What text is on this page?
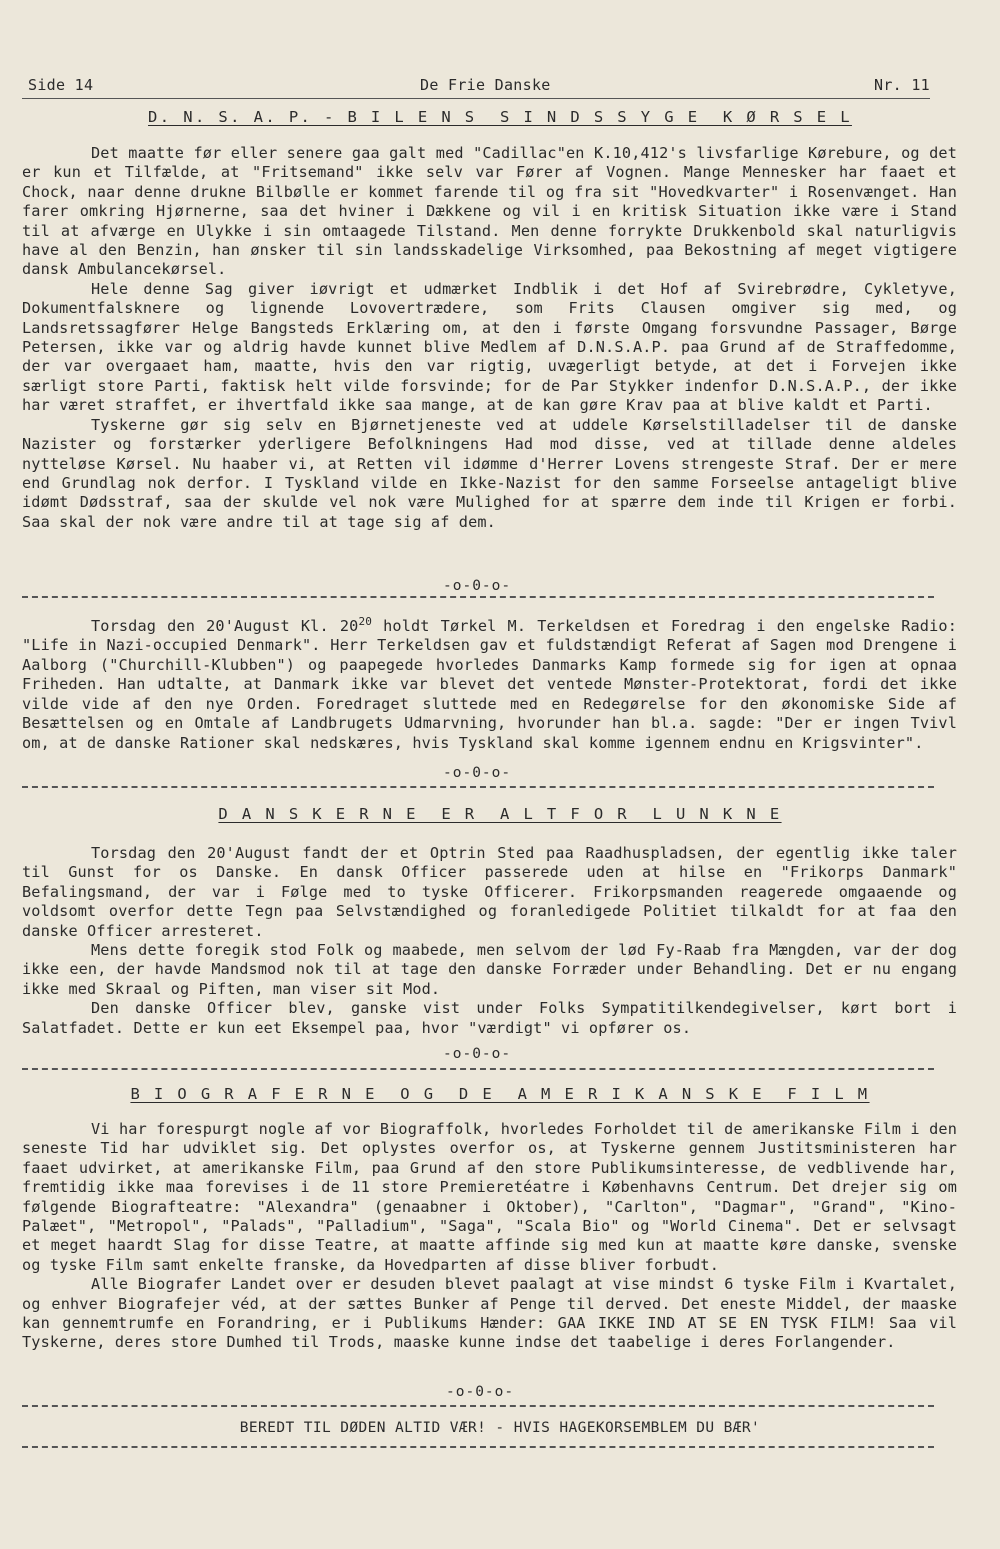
Side 14	De Frie Danske	Nr. 11
D. N. S. A. P. - B I L E N S  S I N D S S Y G E  K Ø R S E L

Det maatte før eller senere gaa galt med "Cadillac"en K.10,412's livsfarlige Kørebure, og det er kun et Tilfælde, at "Fritsemand" ikke selv var Fører af Vognen. Mange Mennesker har faaet et Chock, naar denne drukne Bilbølle er kommet farende til og fra sit "Hovedkvarter" i Rosenvænget. Han farer omkring Hjørnerne, saa det hviner i Dækkene og vil i en kritisk Situation ikke være i Stand til at afværge en Ulykke i sin omtaagede Tilstand. Men denne forrykte Drukkenbold skal naturligvis have al den Benzin, han ønsker til sin landsskadelige Virksomhed, paa Bekostning af meget vigtigere dansk Ambulancekørsel.

Hele denne Sag giver iøvrigt et udmærket Indblik i det Hof af Svirebrødre, Cykletyve, Dokumentfalsknere og lignende Lovovertrædere, som Frits Clausen omgiver sig med, og Landsretssagfører Helge Bangsteds Erklæring om, at den i første Omgang forsvundne Passager, Børge Petersen, ikke var og aldrig havde kunnet blive Medlem af D.N.S.A.P. paa Grund af de Straffedomme, der var overgaaet ham, maatte, hvis den var rigtig, uvægerligt betyde, at det i Forvejen ikke særligt store Parti, faktisk helt vilde forsvinde; for de Par Stykker indenfor D.N.S.A.P., der ikke har været straffet, er ihvertfald ikke saa mange, at de kan gøre Krav paa at blive kaldt et Parti.

Tyskerne gør sig selv en Bjørnetjeneste ved at uddele Kørselstilladelser til de danske Nazister og forstærker yderligere Befolkningens Had mod disse, ved at tillade denne aldeles nytteløse Kørsel. Nu haaber vi, at Retten vil idømme d'Herrer Lovens strengeste Straf. Der er mere end Grundlag nok derfor. I Tyskland vilde en Ikke-Nazist for den samme Forseelse antageligt blive idømt Dødsstraf, saa der skulde vel nok være Mulighed for at spærre dem inde til Krigen er forbi. Saa skal der nok være andre til at tage sig af dem.

-o-0-o-

Torsdag den 20'August Kl. $20^{20}$ holdt Tørkel M. Terkeldsen et Foredrag i den engelske Radio: "Life in Nazi-occupied Denmark". Herr Terkeldsen gav et fuldstændigt Referat af Sagen mod Drengene i Aalborg ("Churchill-Klubben") og paapegede hvorledes Danmarks Kamp formede sig for igen at opnaa Friheden. Han udtalte, at Danmark ikke var blevet det ventede Mønster-Protektorat, fordi det ikke vilde vide af den nye Orden. Foredraget sluttede med en Redegørelse for den økonomiske Side af Besættelsen og en Omtale af Landbrugets Udmarvning, hvorunder han bl.a. sagde: "Der er ingen Tvivl om, at de danske Rationer skal nedskæres, hvis Tyskland skal komme igennem endnu en Krigsvinter".

-o-0-o-
D A N S K E R N E  E R  A L T F O R  L U N K N E

Torsdag den 20'August fandt der et Optrin Sted paa Raadhuspladsen, der egentlig ikke taler til Gunst for os Danske. En dansk Officer passerede uden at hilse en "Frikorps Danmark" Befalingsmand, der var i Følge med to tyske Officerer. Frikorpsmanden reagerede omgaaende og voldsomt overfor dette Tegn paa Selvstændighed og foranledigede Politiet tilkaldt for at faa den danske Officer arresteret.

Mens dette foregik stod Folk og maabede, men selvom der lød Fy-Raab fra Mængden, var der dog ikke een, der havde Mandsmod nok til at tage den danske Forræder under Behandling. Det er nu engang ikke med Skraal og Piften, man viser sit Mod.

Den danske Officer blev, ganske vist under Folks Sympatitilkendegivelser, kørt bort i Salatfadet. Dette er kun eet Eksempel paa, hvor "værdigt" vi opfører os.

-o-0-o-
B I O G R A F E R N E  O G  D E  A M E R I K A N S K E  F I L M

Vi har forespurgt nogle af vor Biograffolk, hvorledes Forholdet til de amerikanske Film i den seneste Tid har udviklet sig. Det oplystes overfor os, at Tyskerne gennem Justitsministeren har faaet udvirket, at amerikanske Film, paa Grund af den store Publikumsinteresse, de vedblivende har, fremtidig ikke maa forevises i de 11 store Premieretéatre i Københavns Centrum. Det drejer sig om følgende Biografteatre: "Alexandra" (genaabner i Oktober), "Carlton", "Dagmar", "Grand", "Kino-Palæet", "Metropol", "Palads", "Palladium", "Saga", "Scala Bio" og "World Cinema". Det er selvsagt et meget haardt Slag for disse Teatre, at maatte affinde sig med kun at maatte køre danske, svenske og tyske Film samt enkelte franske, da Hovedparten af disse bliver forbudt.

Alle Biografer Landet over er desuden blevet paalagt at vise mindst 6 tyske Film i Kvartalet, og enhver Biografejer véd, at der sættes Bunker af Penge til derved. Det eneste Middel, der maaske kan gennemtrumfe en Forandring, er i Publikums Hænder: GAA IKKE IND AT SE EN TYSK FILM! Saa vil Tyskerne, deres store Dumhed til Trods, maaske kunne indse det taabelige i deres Forlangender.

-o-0-o-
BEREDT TIL DØDEN ALTID VÆR! - HVIS HAGEKORSEMBLEM DU BÆR'
